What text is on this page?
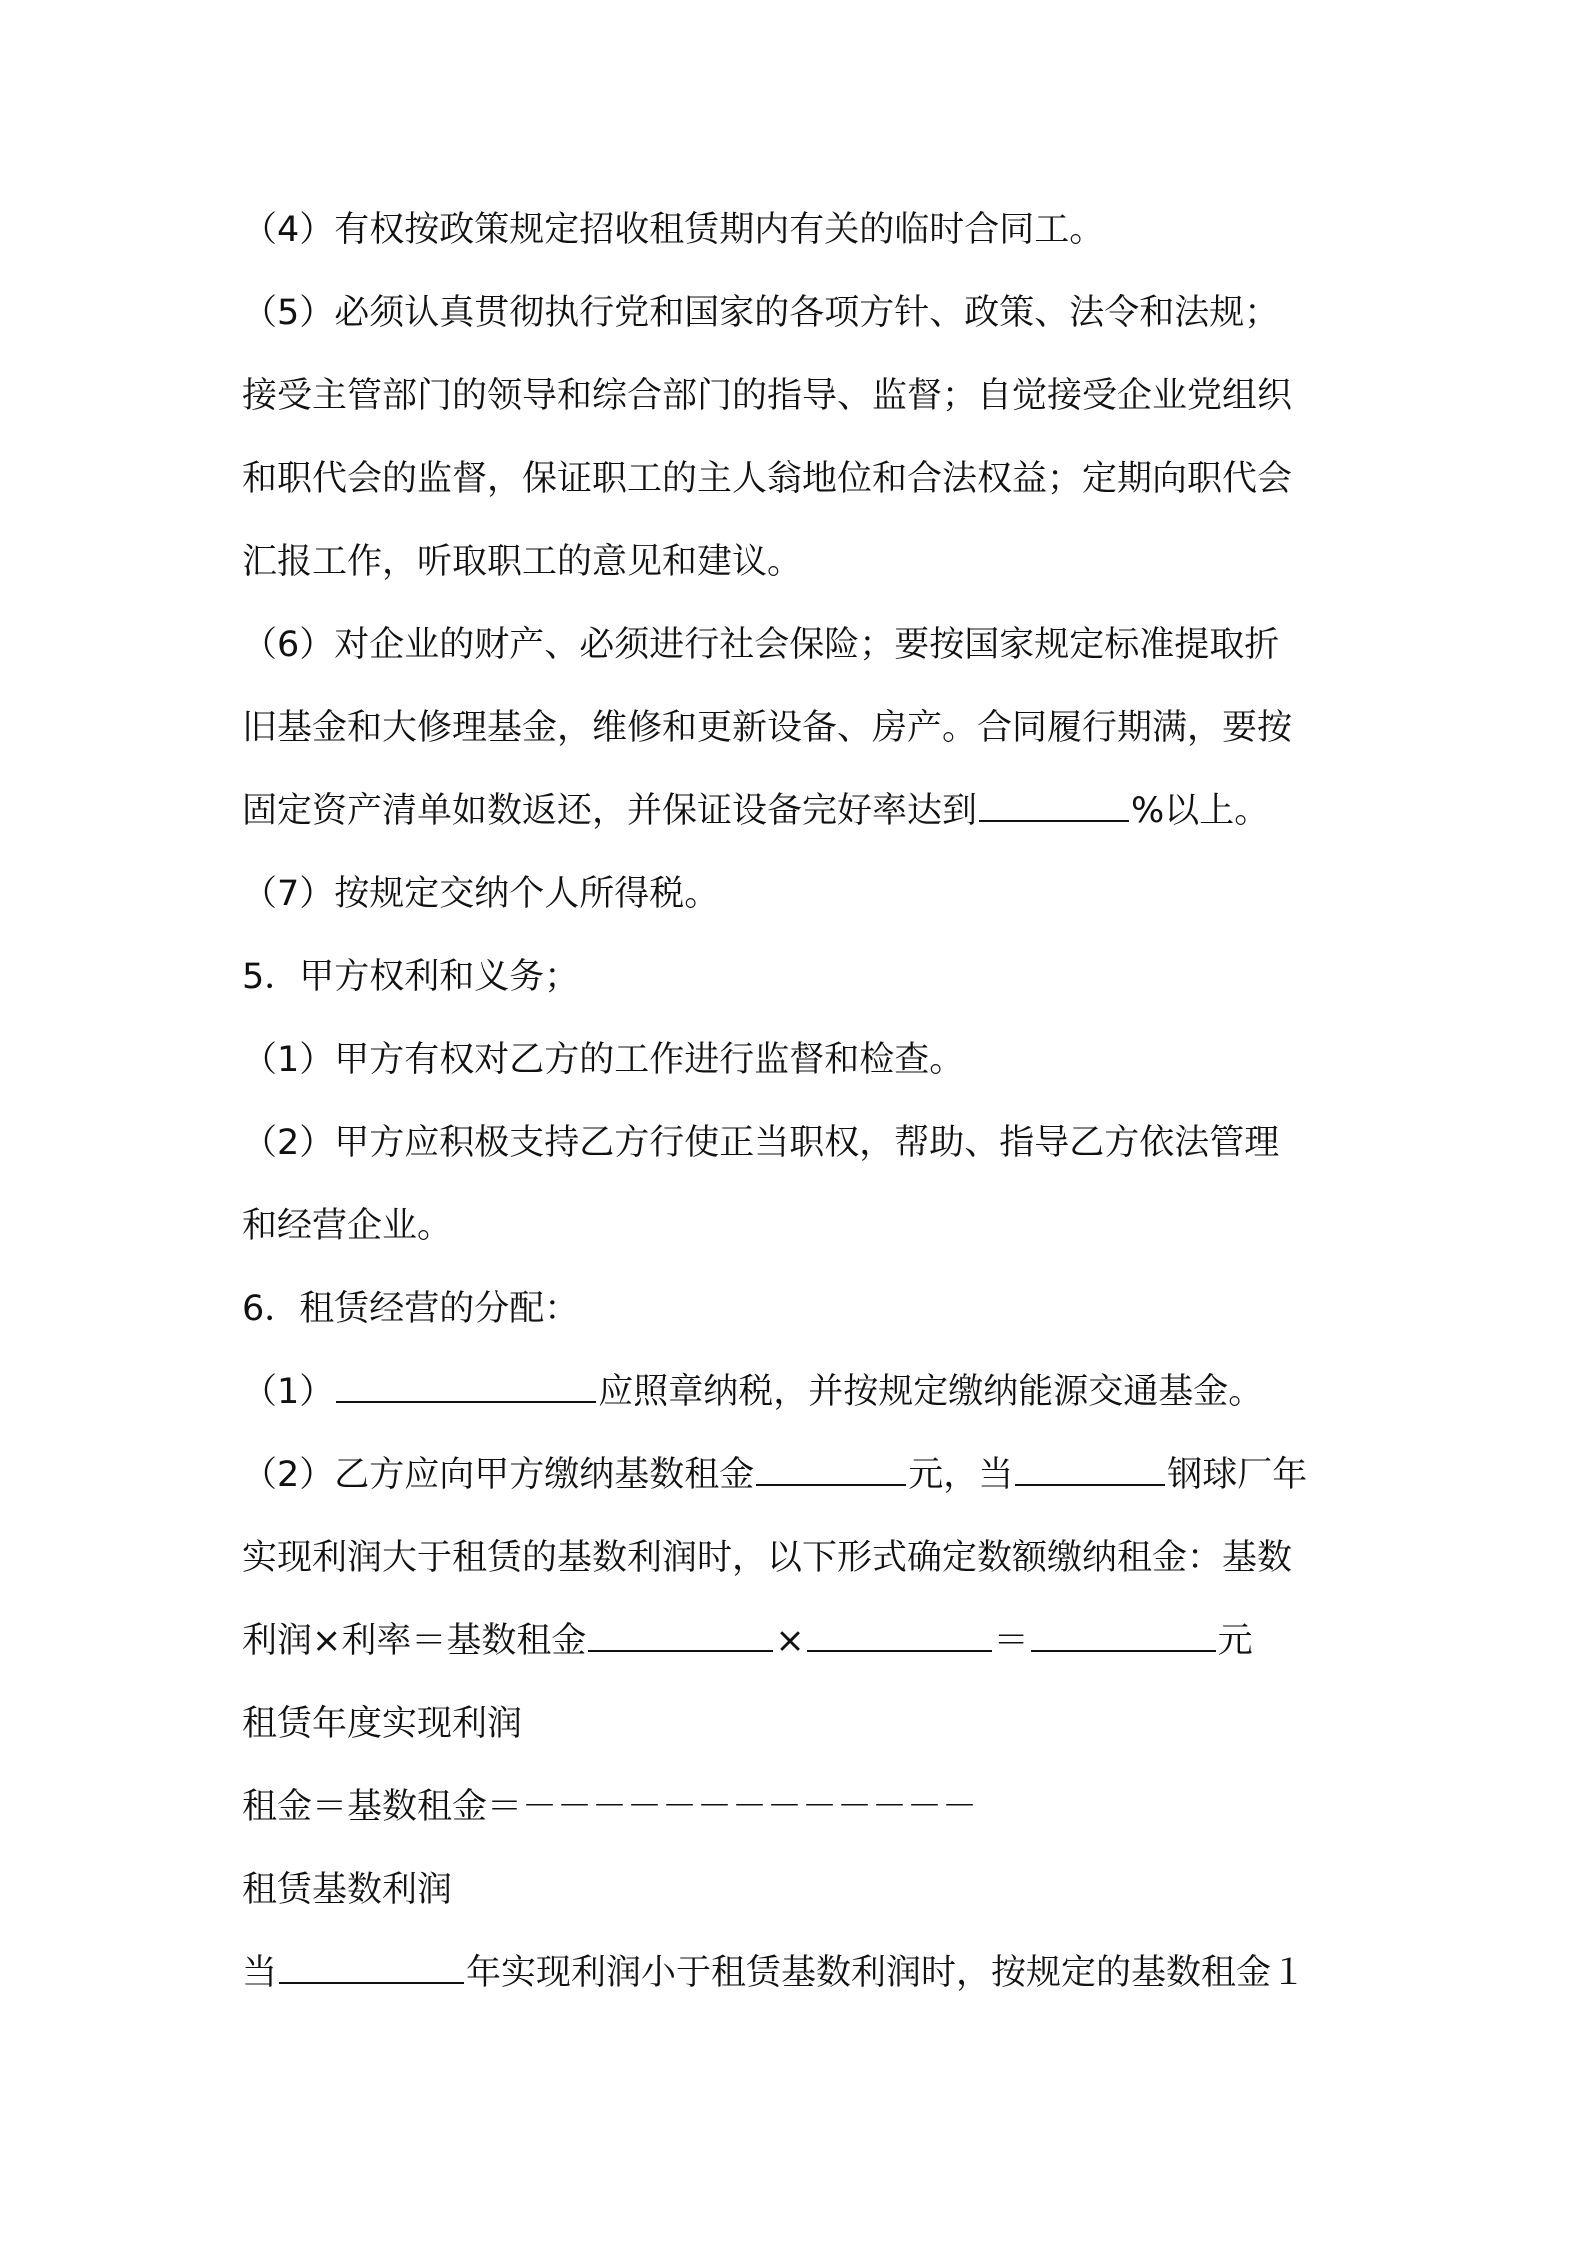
（4）有权按政策规定招收租赁期内有关的临时合同工。
（5）必须认真贯彻执行党和国家的各项方针、政策、法令和法规；
接受主管部门的领导和综合部门的指导、监督；自觉接受企业党组织
和职代会的监督，保证职工的主人翁地位和合法权益；定期向职代会
汇报工作，听取职工的意见和建议。
（6）对企业的财产、必须进行社会保险；要按国家规定标准提取折
旧基金和大修理基金，维修和更新设备、房产。合同履行期满，要按
固定资产清单如数返还，并保证设备完好率达到	%以上。
（7）按规定交纳个人所得税。
5．甲方权利和义务；
（1）甲方有权对乙方的工作进行监督和检查。
（2）甲方应积极支持乙方行使正当职权，帮助、指导乙方依法管理
和经营企业。
6．租赁经营的分配：
（1）	应照章纳税，并按规定缴纳能源交通基金。
（2）乙方应向甲方缴纳基数租金	元，当	钢球厂年
实现利润大于租赁的基数利润时，以下形式确定数额缴纳租金：基数
利润×利率＝基数租金	×	＝	元
租赁年度实现利润
租金＝基数租金＝－－－－－－－－－－－－－
租赁基数利润
当	年实现利润小于租赁基数利润时，按规定的基数租金１
